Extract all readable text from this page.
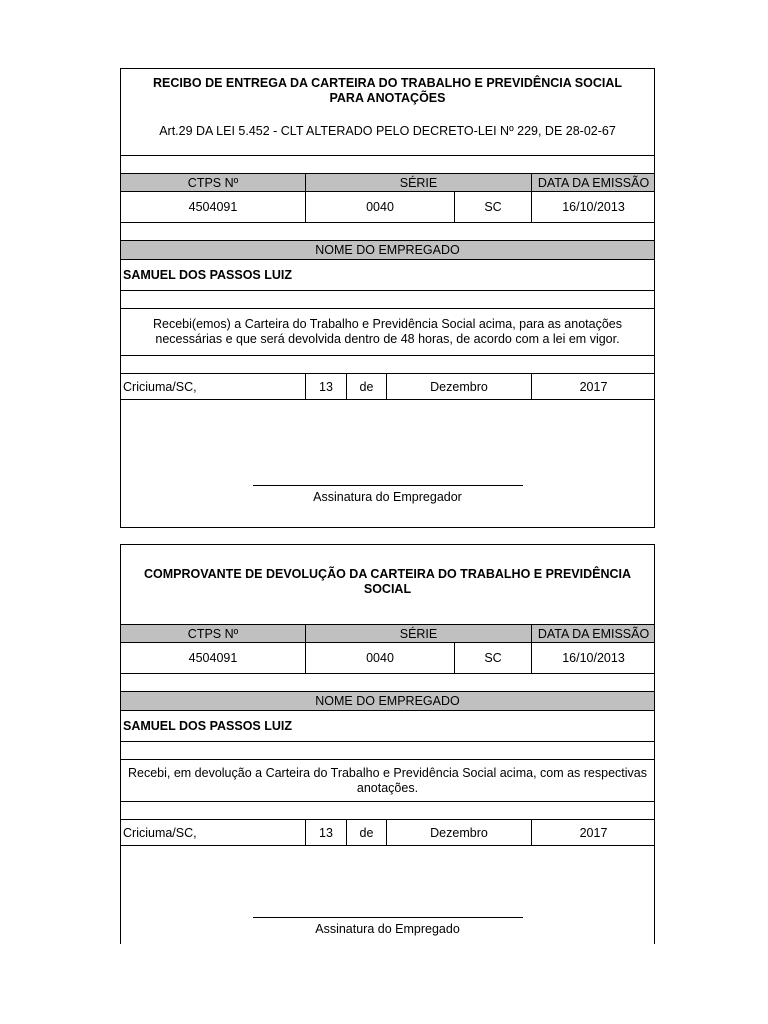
RECIBO DE ENTREGA DA CARTEIRA DO TRABALHO E PREVIDÊNCIA SOCIAL PARA ANOTAÇÕES
Art.29 DA LEI 5.452 - CLT ALTERADO PELO DECRETO-LEI Nº 229, DE 28-02-67
CTPS Nº	SÉRIE	DATA DA EMISSÃO
4504091	0040	SC	16/10/2013
NOME DO EMPREGADO
SAMUEL DOS PASSOS LUIZ
Recebi(emos) a Carteira do Trabalho e Previdência Social acima, para as anotações necessárias e que será devolvida dentro de 48 horas, de acordo com a lei em vigor.
Criciuma/SC,	13	de	Dezembro	2017
Assinatura do Empregador
COMPROVANTE DE DEVOLUÇÃO DA CARTEIRA DO TRABALHO E PREVIDÊNCIA SOCIAL
CTPS Nº	SÉRIE	DATA DA EMISSÃO
4504091	0040	SC	16/10/2013
NOME DO EMPREGADO
SAMUEL DOS PASSOS LUIZ
Recebi, em devolução a Carteira do Trabalho e Previdência Social acima, com as respectivas anotações.
Criciuma/SC,	13	de	Dezembro	2017
Assinatura do Empregado
